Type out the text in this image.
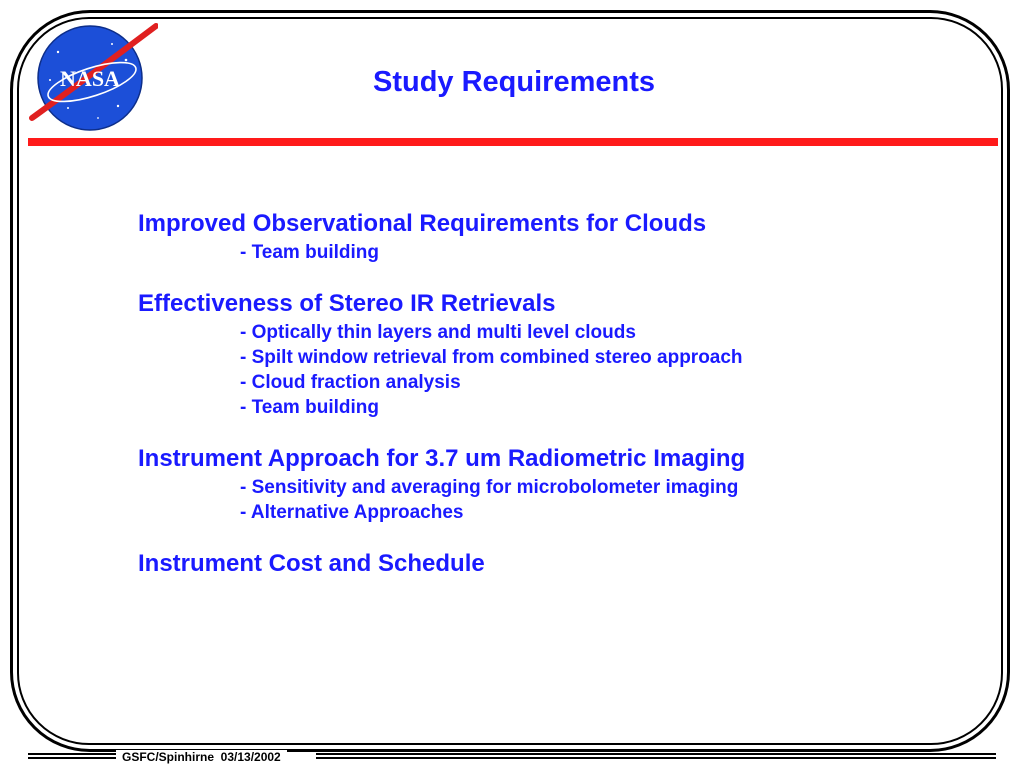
NASA	Study Requirements
Improved Observational Requirements for Clouds
- Team building
Effectiveness of Stereo IR Retrievals
- Optically thin layers and multi level clouds
- Spilt window retrieval from combined stereo approach
- Cloud fraction analysis
- Team building
Instrument Approach for 3.7 um Radiometric Imaging
- Sensitivity and averaging for microbolometer imaging
- Alternative Approaches
Instrument Cost and Schedule
GSFC/Spinhirne  03/13/2002
